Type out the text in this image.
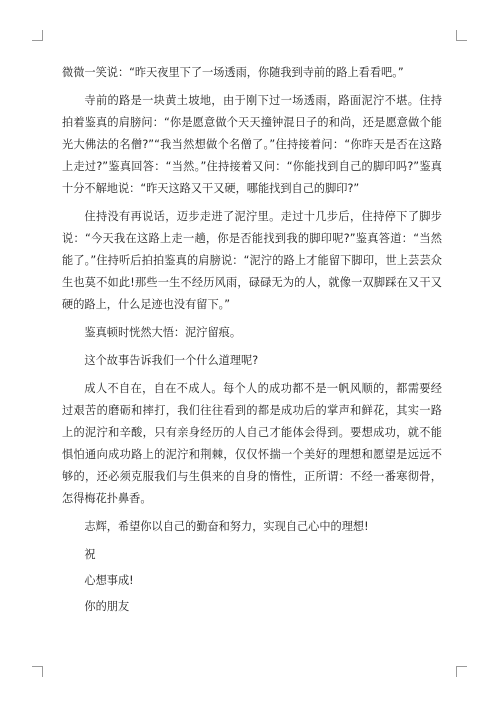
微微一笑说：“昨天夜里下了一场透雨，你随我到寺前的路上看看吧。”

寺前的路是一块黄土坡地，由于刚下过一场透雨，路面泥泞不堪。住持拍着鉴真的肩膀问：“你是愿意做个天天撞钟混日子的和尚，还是愿意做个能光大佛法的名僧?”“我当然想做个名僧了。”住持接着问：“你昨天是否在这路上走过?”鉴真回答：“当然。”住持接着又问：“你能找到自己的脚印吗?”鉴真十分不解地说：“昨天这路又干又硬，哪能找到自己的脚印?”

住持没有再说话，迈步走进了泥泞里。走过十几步后，住持停下了脚步说：“今天我在这路上走一趟，你是否能找到我的脚印呢?”鉴真答道：“当然能了。”住持听后拍拍鉴真的肩膀说：“泥泞的路上才能留下脚印，世上芸芸众生也莫不如此!那些一生不经历风雨，碌碌无为的人，就像一双脚踩在又干又硬的路上，什么足迹也没有留下。”

鉴真顿时恍然大悟：泥泞留痕。

这个故事告诉我们一个什么道理呢?

成人不自在，自在不成人。每个人的成功都不是一帆风顺的，都需要经过艰苦的磨砺和摔打，我们往往看到的都是成功后的掌声和鲜花，其实一路上的泥泞和辛酸，只有亲身经历的人自己才能体会得到。要想成功，就不能惧怕通向成功路上的泥泞和荆棘，仅仅怀揣一个美好的理想和愿望是远远不够的，还必须克服我们与生俱来的自身的惰性，正所谓：不经一番寒彻骨，怎得梅花扑鼻香。

志辉，希望你以自己的勤奋和努力，实现自己心中的理想!

祝

心想事成!

你的朋友
